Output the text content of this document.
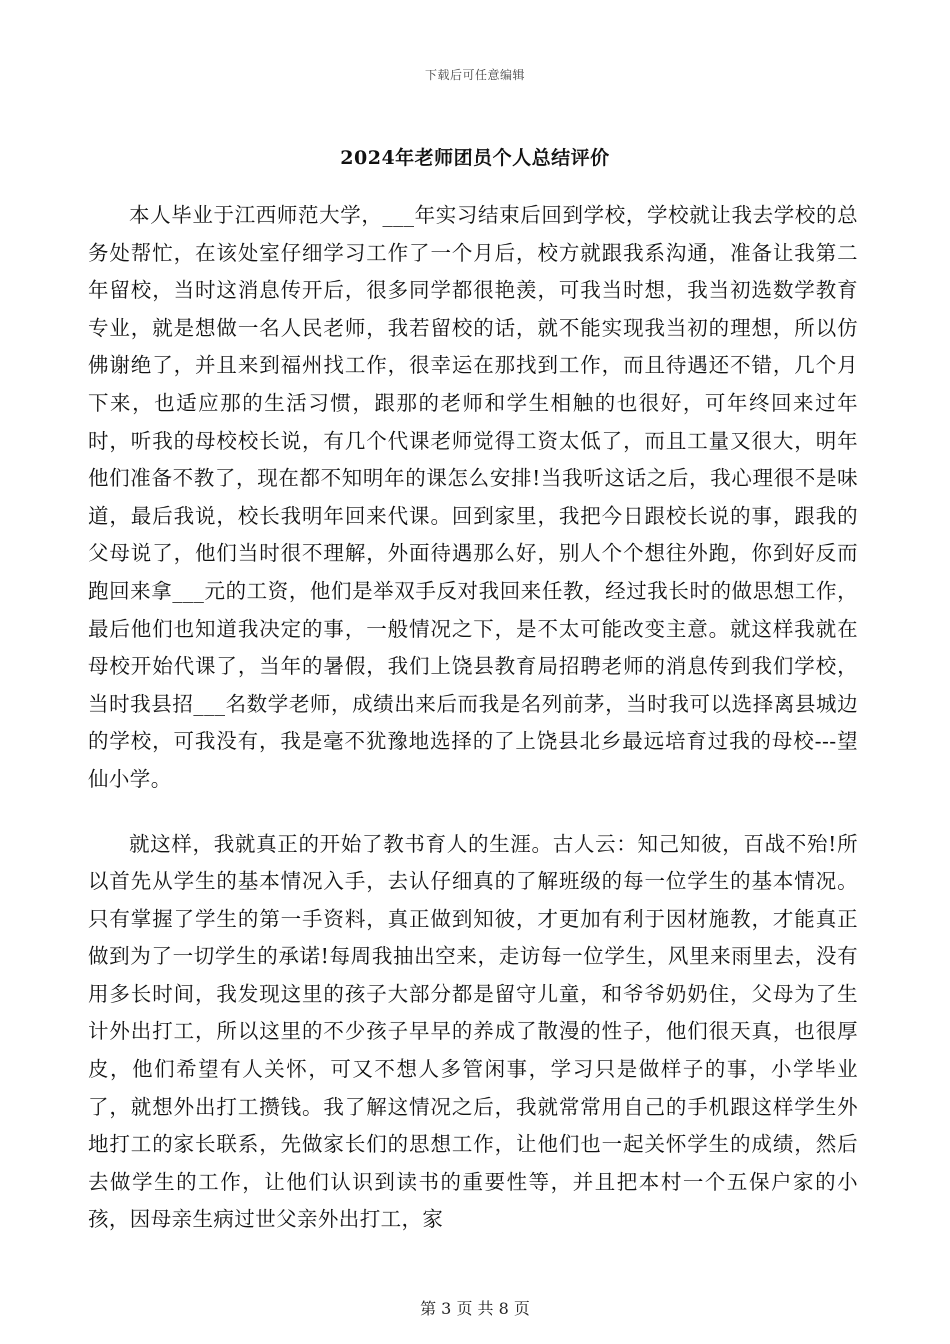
下载后可任意编辑
2024年老师团员个人总结评价

本人毕业于江西师范大学，___年实习结束后回到学校，学校就让我去学校的总务处帮忙，在该处室仔细学习工作了一个月后，校方就跟我系沟通，准备让我第二年留校，当时这消息传开后，很多同学都很艳羡，可我当时想，我当初选数学教育专业，就是想做一名人民老师，我若留校的话，就不能实现我当初的理想，所以仿佛谢绝了，并且来到福州找工作，很幸运在那找到工作，而且待遇还不错，几个月下来，也适应那的生活习惯，跟那的老师和学生相触的也很好，可年终回来过年时，听我的母校校长说，有几个代课老师觉得工资太低了，而且工量又很大，明年他们准备不教了，现在都不知明年的课怎么安排!当我听这话之后，我心理很不是味道，最后我说，校长我明年回来代课。回到家里，我把今日跟校长说的事，跟我的父母说了，他们当时很不理解，外面待遇那么好，别人个个想往外跑，你到好反而跑回来拿___元的工资，他们是举双手反对我回来任教，经过我长时的做思想工作，最后他们也知道我决定的事，一般情况之下，是不太可能改变主意。就这样我就在母校开始代课了，当年的暑假，我们上饶县教育局招聘老师的消息传到我们学校，当时我县招___名数学老师，成绩出来后而我是名列前茅，当时我可以选择离县城边的学校，可我没有，我是毫不犹豫地选择的了上饶县北乡最远培育过我的母校---望仙小学。

就这样，我就真正的开始了教书育人的生涯。古人云：知己知彼，百战不殆!所以首先从学生的基本情况入手，去认仔细真的了解班级的每一位学生的基本情况。只有掌握了学生的第一手资料，真正做到知彼，才更加有利于因材施教，才能真正做到为了一切学生的承诺!每周我抽出空来，走访每一位学生，风里来雨里去，没有用多长时间，我发现这里的孩子大部分都是留守儿童，和爷爷奶奶住，父母为了生计外出打工，所以这里的不少孩子早早的养成了散漫的性子，他们很天真，也很厚皮，他们希望有人关怀，可又不想人多管闲事，学习只是做样子的事，小学毕业了，就想外出打工攒钱。我了解这情况之后，我就常常用自己的手机跟这样学生外地打工的家长联系，先做家长们的思想工作，让他们也一起关怀学生的成绩，然后去做学生的工作，让他们认识到读书的重要性等，并且把本村一个五保户家的小孩，因母亲生病过世父亲外出打工，家

第 3 页 共 8 页
